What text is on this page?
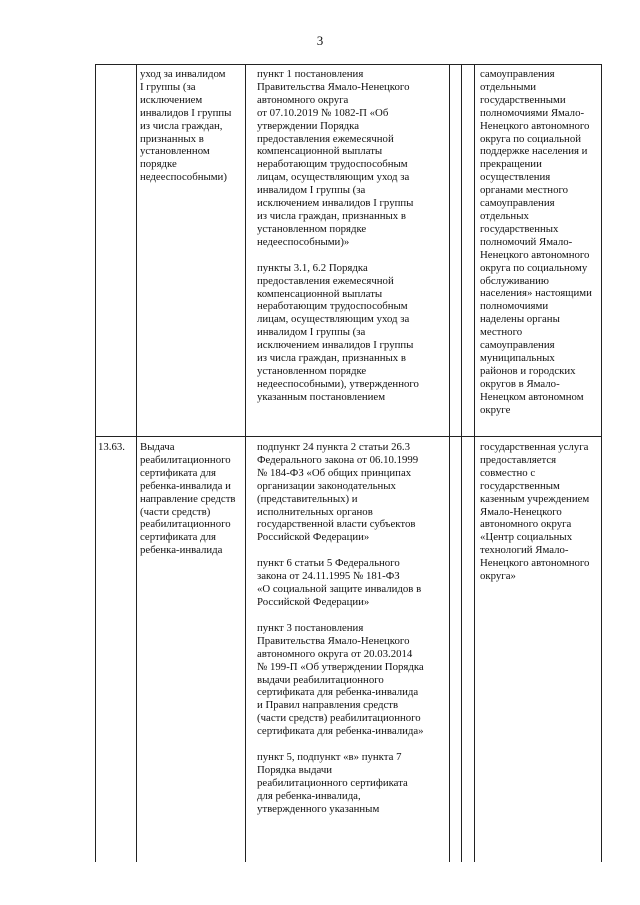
3
уход за инвалидом
I группы (за
исключением
инвалидов I группы
из числа граждан,
признанных в
установленном
порядке
недееспособными)

пункт 1 постановления
Правительства Ямало-Ненецкого
автономного округа
от 07.10.2019 № 1082-П «Об
утверждении Порядка
предоставления ежемесячной
компенсационной выплаты
неработающим трудоспособным
лицам, осуществляющим уход за
инвалидом I группы (за
исключением инвалидов I группы
из числа граждан, признанных в
установленном порядке
недееспособными)»

пункты 3.1, 6.2 Порядка
предоставления ежемесячной
компенсационной выплаты
неработающим трудоспособным
лицам, осуществляющим уход за
инвалидом I группы (за
исключением инвалидов I группы
из числа граждан, признанных в
установленном порядке
недееспособными), утвержденного
указанным постановлением

самоуправления
отдельными
государственными
полномочиями Ямало-
Ненецкого автономного
округа по социальной
поддержке населения и
прекращении
осуществления
органами местного
самоуправления
отдельных
государственных
полномочий Ямало-
Ненецкого автономного
округа по социальному
обслуживанию
населения» настоящими
полномочиями
наделены органы
местного
самоуправления
муниципальных
районов и городских
округов в Ямало-
Ненецком автономном
округе
13.63.	Выдача
реабилитационного
сертификата для
ребенка-инвалида и
направление средств
(части средств)
реабилитационного
сертификата для
ребенка-инвалида

подпункт 24 пункта 2 статьи 26.3
Федерального закона от 06.10.1999
№ 184-ФЗ «Об общих принципах
организации законодательных
(представительных) и
исполнительных органов
государственной власти субъектов
Российской Федерации»

пункт 6 статьи 5 Федерального
закона от 24.11.1995 № 181-ФЗ
«О социальной защите инвалидов в
Российской Федерации»

пункт 3 постановления
Правительства Ямало-Ненецкого
автономного округа от 20.03.2014
№ 199-П «Об утверждении Порядка
выдачи реабилитационного
сертификата для ребенка-инвалида
и Правил направления средств
(части средств) реабилитационного
сертификата для ребенка-инвалида»

пункт 5, подпункт «в» пункта 7
Порядка выдачи
реабилитационного сертификата
для ребенка-инвалида,
утвержденного указанным

государственная услуга
предоставляется
совместно с
государственным
казенным учреждением
Ямало-Ненецкого
автономного округа
«Центр социальных
технологий Ямало-
Ненецкого автономного
округа»
